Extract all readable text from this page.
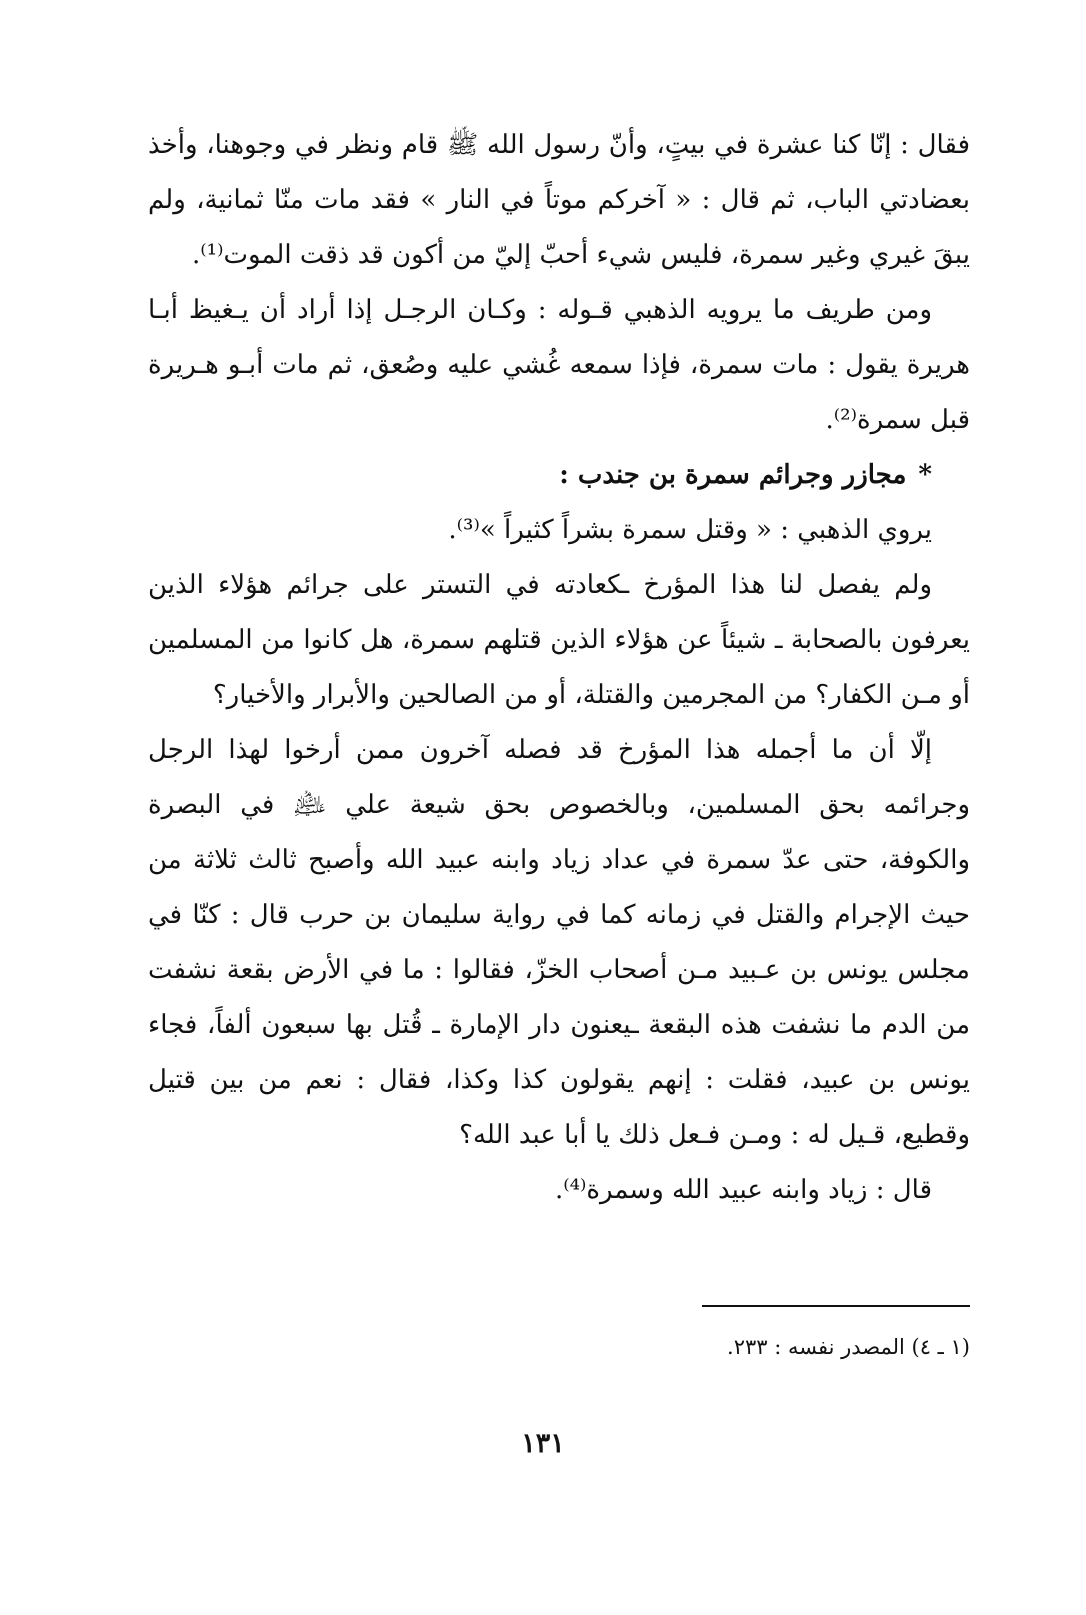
فقال : إنّا كنا عشرة في بيتٍ، وأنّ رسول الله ﷺ قام ونظر في وجوهنا، وأخذ بعضادتي الباب، ثم قال : « آخركم موتاً في النار » فقد مات منّا ثمانية، ولم يبقَ غيري وغير سمرة، فليس شيء أحبّ إليّ من أكون قد ذقت الموت⁽¹⁾.

ومن طريف ما يرويه الذهبي قـوله : وكـان الرجـل إذا أراد أن يـغيظ أبـا هريرة يقول : مات سمرة، فإذا سمعه غُشي عليه وصُعق، ثم مات أبـو هـريرة قبل سمرة⁽²⁾.

*مجازر وجرائم سمرة بن جندب :

يروي الذهبي : « وقتل سمرة بشراً كثيراً »⁽³⁾.

ولم يفصل لنا هذا المؤرخ ـكعادته في التستر على جرائم هؤلاء الذين يعرفون بالصحابة ـ شيئاً عن هؤلاء الذين قتلهم سمرة، هل كانوا من المسلمين أو مـن الكفار؟ من المجرمين والقتلة، أو من الصالحين والأبرار والأخيار؟

إلّا أن ما أجمله هذا المؤرخ قد فصله آخرون ممن أرخوا لهذا الرجل وجرائمه بحق المسلمين، وبالخصوص بحق شيعة علي ﵇ في البصرة والكوفة، حتى عدّ سمرة في عداد زياد وابنه عبيد الله وأصبح ثالث ثلاثة من حيث الإجرام والقتل في زمانه كما في رواية سليمان بن حرب قال : كنّا في مجلس يونس بن عـبيد مـن أصحاب الخزّ، فقالوا : ما في الأرض بقعة نشفت من الدم ما نشفت هذه البقعة ـيعنون دار الإمارة ـ قُتل بها سبعون ألفاً، فجاء يونس بن عبيد، فقلت : إنهم يقولون كذا وكذا، فقال : نعم من بين قتيل وقطيع، قـيل له : ومـن فـعل ذلك يا أبا عبد الله؟

قال : زياد وابنه عبيد الله وسمرة⁽⁴⁾.

(١ ـ ٤) المصدر نفسه : ٢٣٣.
١٣١
